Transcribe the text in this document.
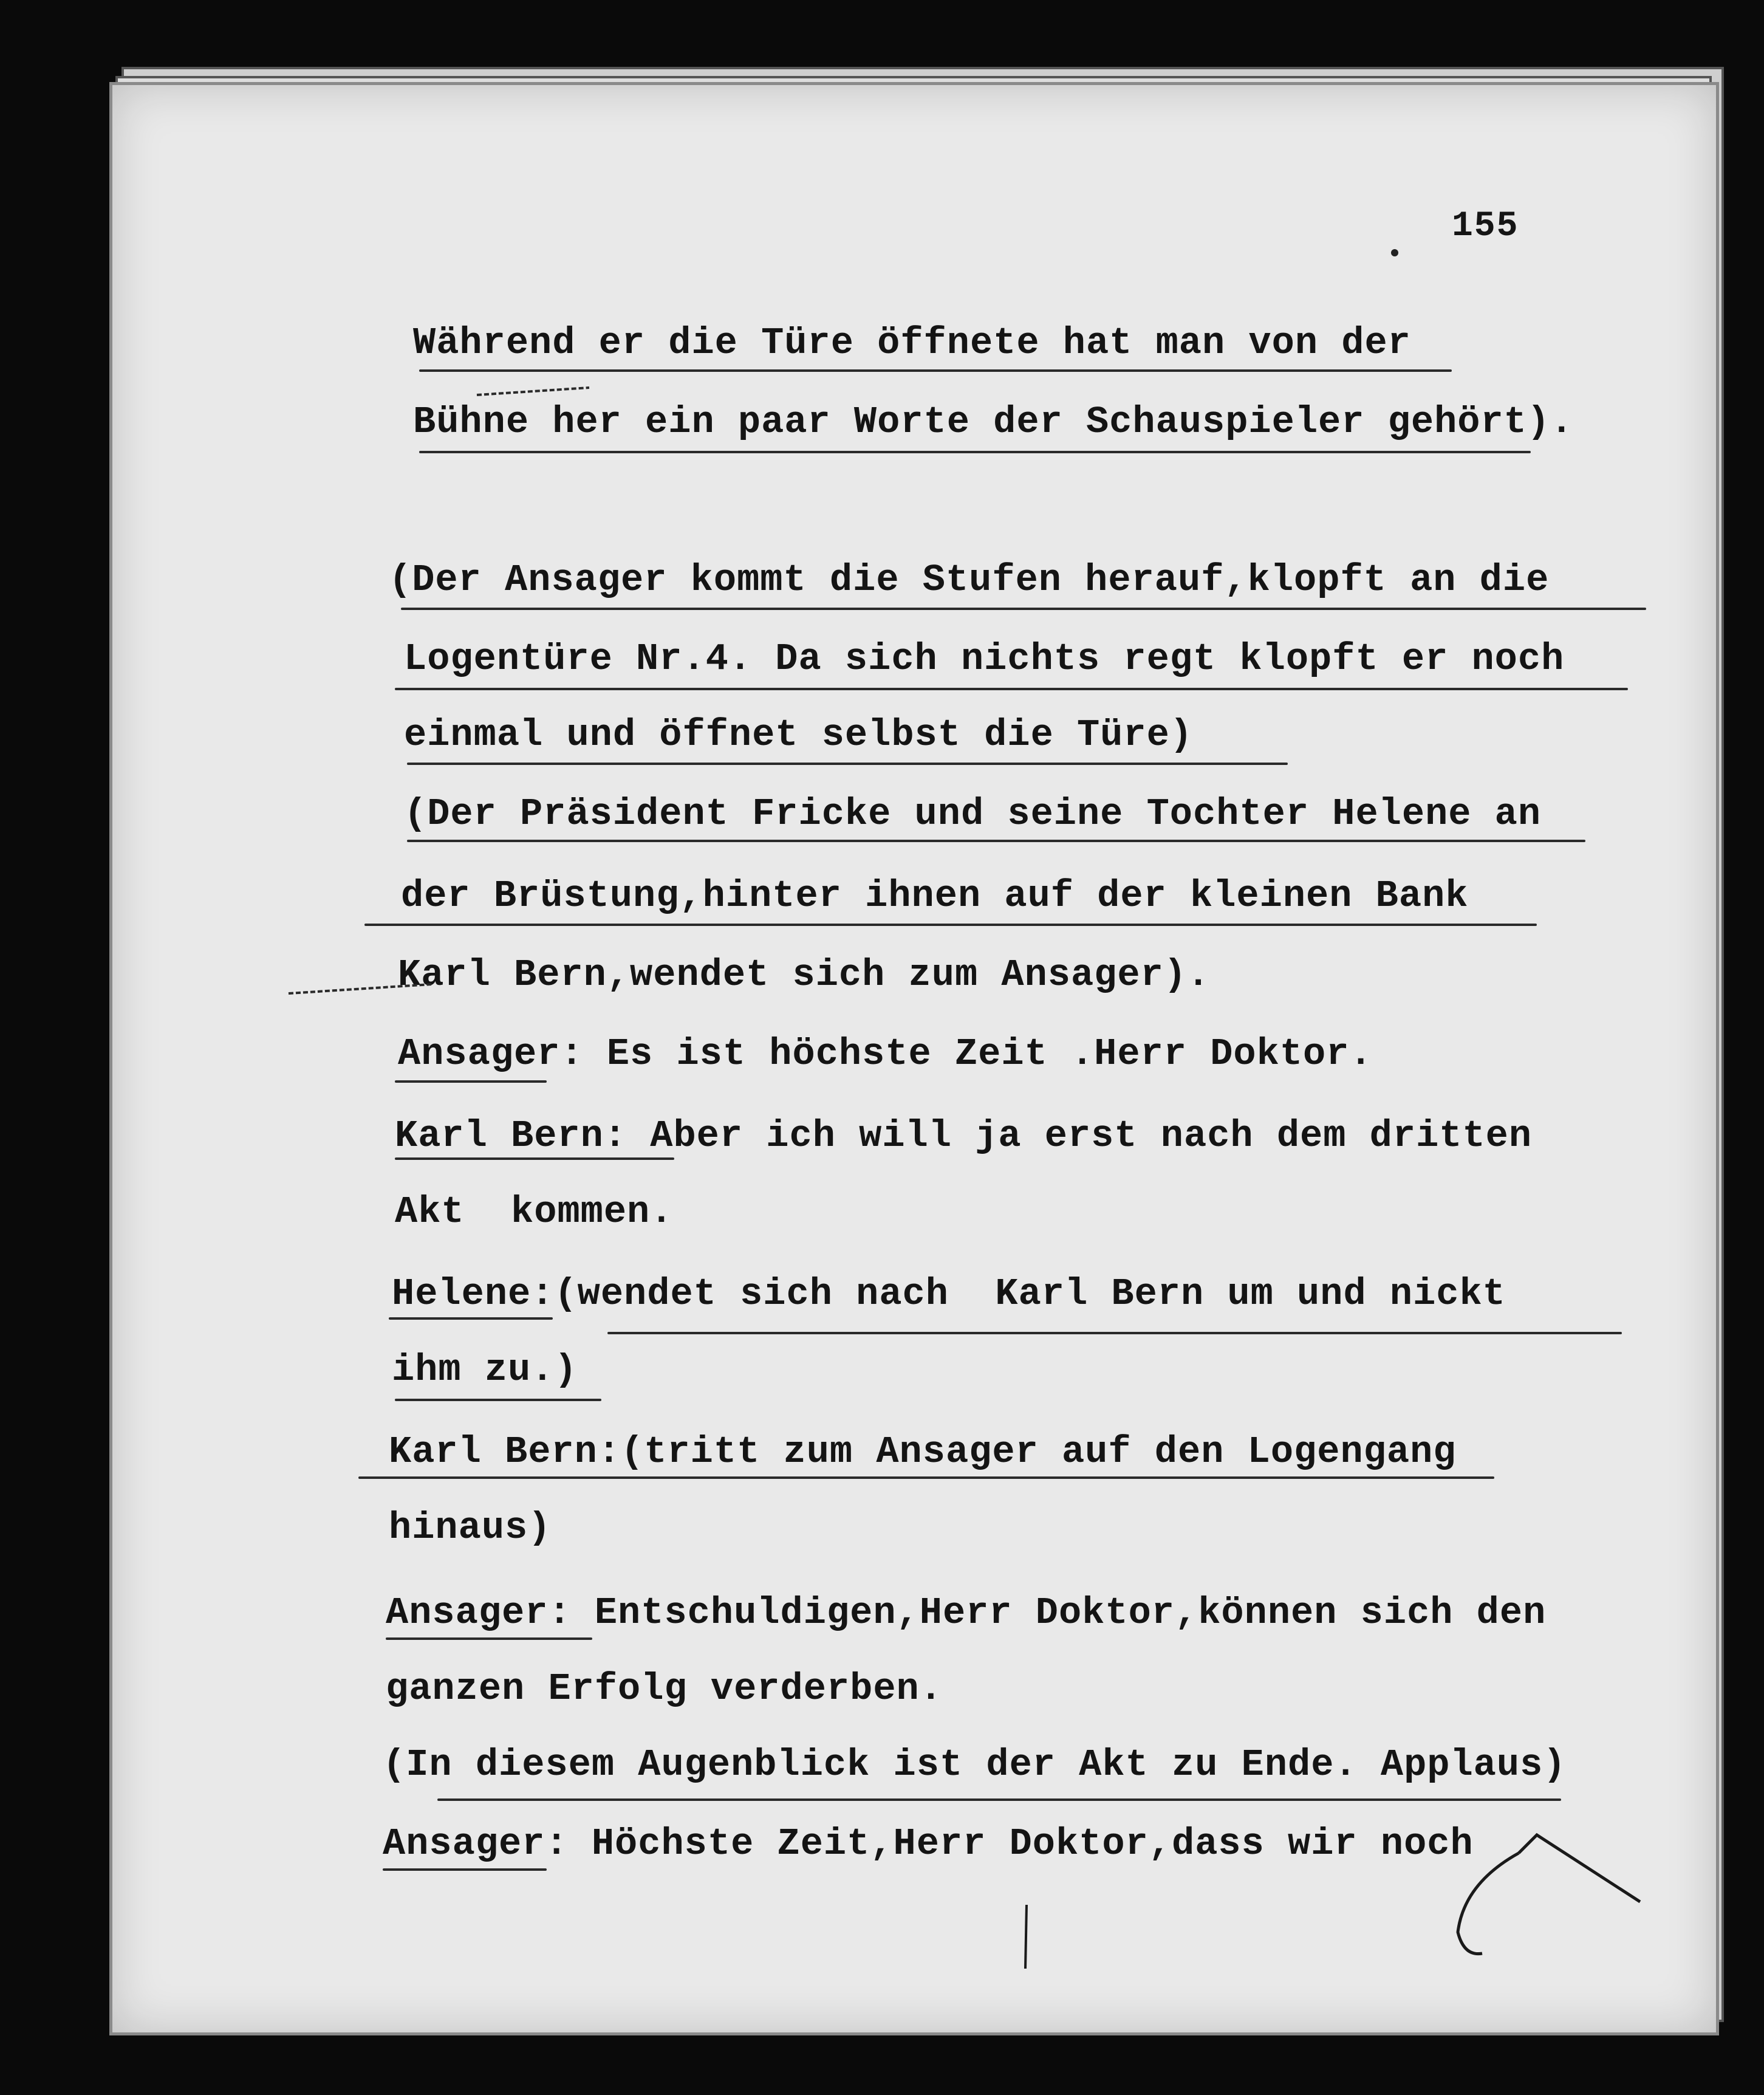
155
Während er die Türe öffnete hat man von der
Bühne her ein paar Worte der Schauspieler gehört).
(Der Ansager kommt die Stufen herauf,klopft an die
Logentüre Nr.4. Da sich nichts regt klopft er noch
einmal und öffnet selbst die Türe)
(Der Präsident Fricke und seine Tochter Helene an
der Brüstung,hinter ihnen auf der kleinen Bank
Karl Bern,wendet sich zum Ansager).
Ansager: Es ist höchste Zeit .Herr Doktor.
Karl Bern: Aber ich will ja erst nach dem dritten
Akt  kommen.
Helene:(wendet sich nach  Karl Bern um und nickt
ihm zu.)
Karl Bern:(tritt zum Ansager auf den Logengang
hinaus)
Ansager: Entschuldigen,Herr Doktor,können sich den
ganzen Erfolg verderben.
(In diesem Augenblick ist der Akt zu Ende. Applaus)
Ansager: Höchste Zeit,Herr Doktor,dass wir noch
